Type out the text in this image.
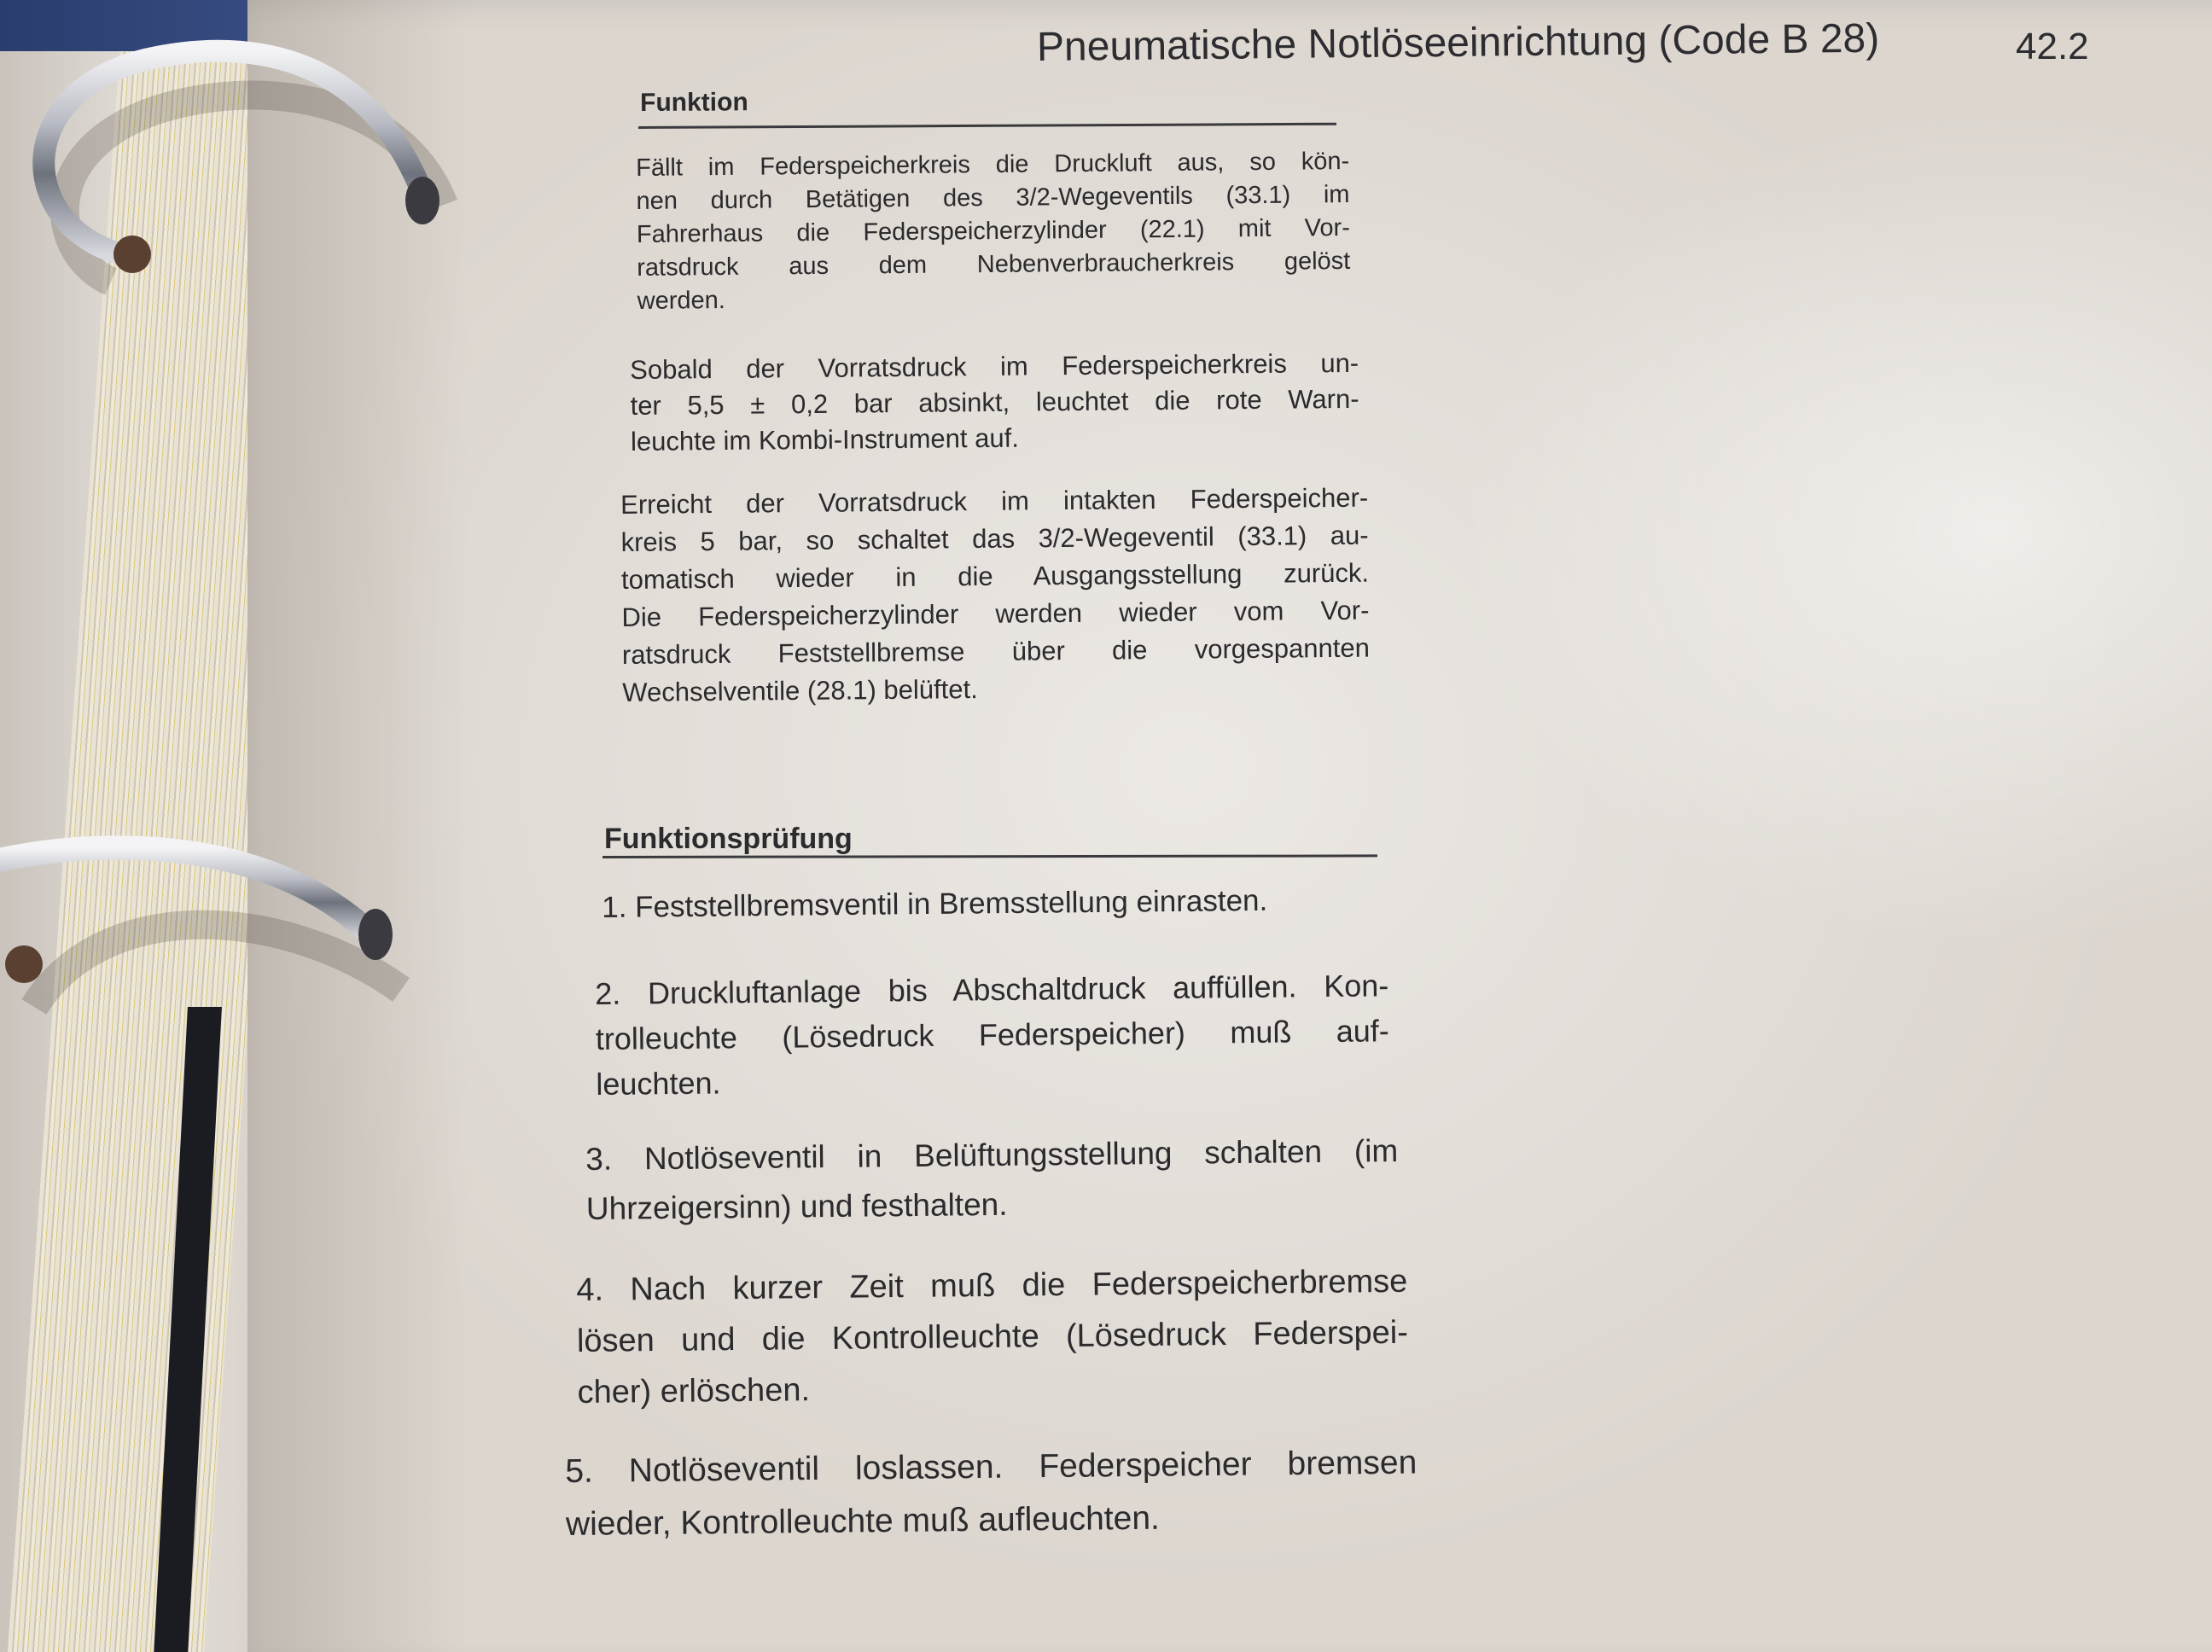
Pneumatische Notlöseeinrichtung (Code B 28)	42.2
Funktion
Fällt im Federspeicherkreis die Druckluft aus, so kön-
nen durch Betätigen des 3/2-Wegeventils (33.1) im
Fahrerhaus die Federspeicherzylinder (22.1) mit Vor-
ratsdruck aus dem Nebenverbraucherkreis gelöst
werden.
Sobald der Vorratsdruck im Federspeicherkreis un-
ter 5,5 ± 0,2 bar absinkt, leuchtet die rote Warn-
leuchte im Kombi-Instrument auf.
Erreicht der Vorratsdruck im intakten Federspeicher-
kreis 5 bar, so schaltet das 3/2-Wegeventil (33.1) au-
tomatisch wieder in die Ausgangsstellung zurück.
Die Federspeicherzylinder werden wieder vom Vor-
ratsdruck Feststellbremse über die vorgespannten
Wechselventile (28.1) belüftet.
Funktionsprüfung
1. Feststellbremsventil in Bremsstellung einrasten.
2. Druckluftanlage bis Abschaltdruck auffüllen. Kon-
trolleuchte (Lösedruck Federspeicher) muß auf-
leuchten.
3. Notlöseventil in Belüftungsstellung schalten (im
Uhrzeigersinn) und festhalten.
4. Nach kurzer Zeit muß die Federspeicherbremse
lösen und die Kontrolleuchte (Lösedruck Federspei-
cher) erlöschen.
5. Notlöseventil loslassen. Federspeicher bremsen
wieder, Kontrolleuchte muß aufleuchten.
